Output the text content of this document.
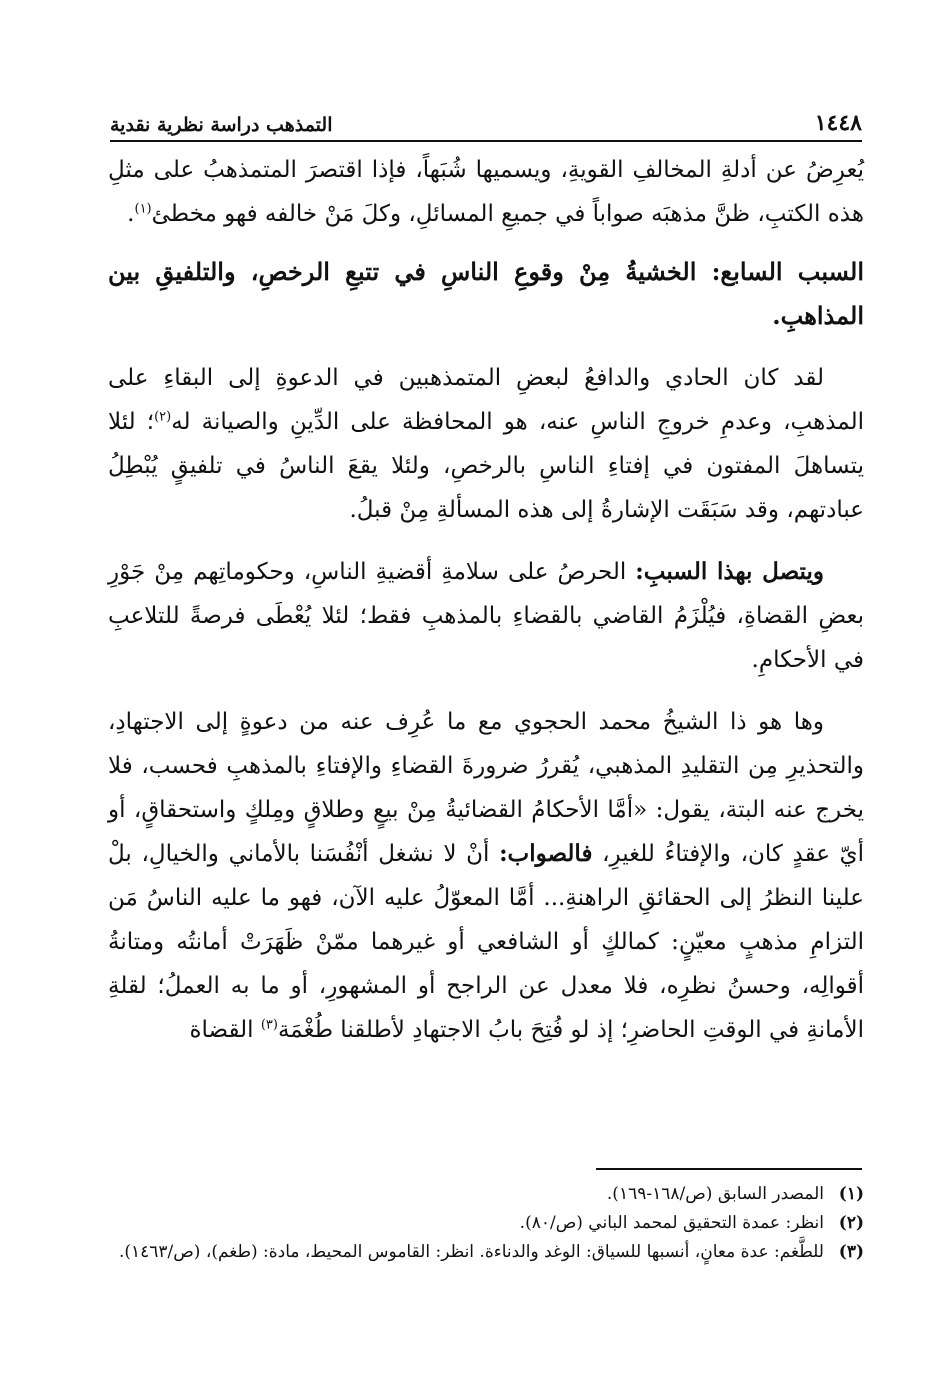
١٤٤٨
التمذهب دراسة نظرية نقدية

يُعرِضُ عن أدلةِ المخالفِ القويةِ، ويسميها شُبَهاً، فإذا اقتصرَ المتمذهبُ على مثلِ هذه الكتبِ، ظنَّ مذهبَه صواباً في جميعِ المسائلِ، وكلَ مَنْ خالفه فهو مخطئ$^{(١)}$.

السبب السابع: الخشيةُ مِنْ وقوعِ الناسِ في تتبعِ الرخصِ، والتلفيقِ بين المذاهبِ.

لقد كان الحادي والدافعُ لبعضِ المتمذهبين في الدعوةِ إلى البقاءِ على المذهبِ، وعدمِ خروجِ الناسِ عنه، هو المحافظة على الدِّينِ والصيانة له$^{(٢)}$؛ لئلا يتساهلَ المفتون في إفتاءِ الناسِ بالرخصِ، ولئلا يقعَ الناسُ في تلفيقٍ يُبْطِلُ عبادتهم، وقد سَبَقَت الإشارةُ إلى هذه المسألةِ مِنْ قبلُ.

ويتصل بهذا السببِ: الحرصُ على سلامةِ أقضيةِ الناسِ، وحكوماتِهم مِنْ جَوْرِ بعضِ القضاةِ، فيُلْزَمُ القاضي بالقضاءِ بالمذهبِ فقط؛ لئلا يُعْطَى فرصةً للتلاعبِ في الأحكامِ.

وها هو ذا الشيخُ محمد الحجوي مع ما عُرِف عنه من دعوةٍ إلى الاجتهادِ، والتحذيرِ مِن التقليدِ المذهبي، يُقررُ ضرورةَ القضاءِ والإفتاءِ بالمذهبِ فحسب، فلا يخرج عنه البتة، يقول: «أمَّا الأحكامُ القضائيةُ مِنْ بيعٍ وطلاقٍ ومِلكٍ واستحقاقٍ، أو أيّ عقدٍ كان، والإفتاءُ للغيرِ، فالصواب: أنْ لا نشغل أنْفُسَنا بالأماني والخيالِ، بلْ علينا النظرُ إلى الحقائقِ الراهنةِ... أمَّا المعوّلُ عليه الآن، فهو ما عليه الناسُ مَن التزامِ مذهبٍ معيّنٍ: كمالكٍ أو الشافعي أو غيرهما ممّنْ ظَهَرَتْ أمانتُه ومتانةُ أقوالِه، وحسنُ نظرِه، فلا معدل عن الراجح أو المشهورِ، أو ما به العملُ؛ لقلةِ الأمانةِ في الوقتِ الحاضرِ؛ إذ لو فُتِحَ بابُ الاجتهادِ لأطلقنا طُغْمَة$^{(٣)}$ القضاة

(١)
المصدر السابق (ص/١٦٨-١٦٩).
(٢)
انظر: عمدة التحقيق لمحمد الباني (ص/٨٠).
(٣)
للطَّغم: عدة معانٍ، أنسبها للسياق: الوغد والدناءة. انظر: القاموس المحيط، مادة: (طغم)، (ص/١٤٦٣).
